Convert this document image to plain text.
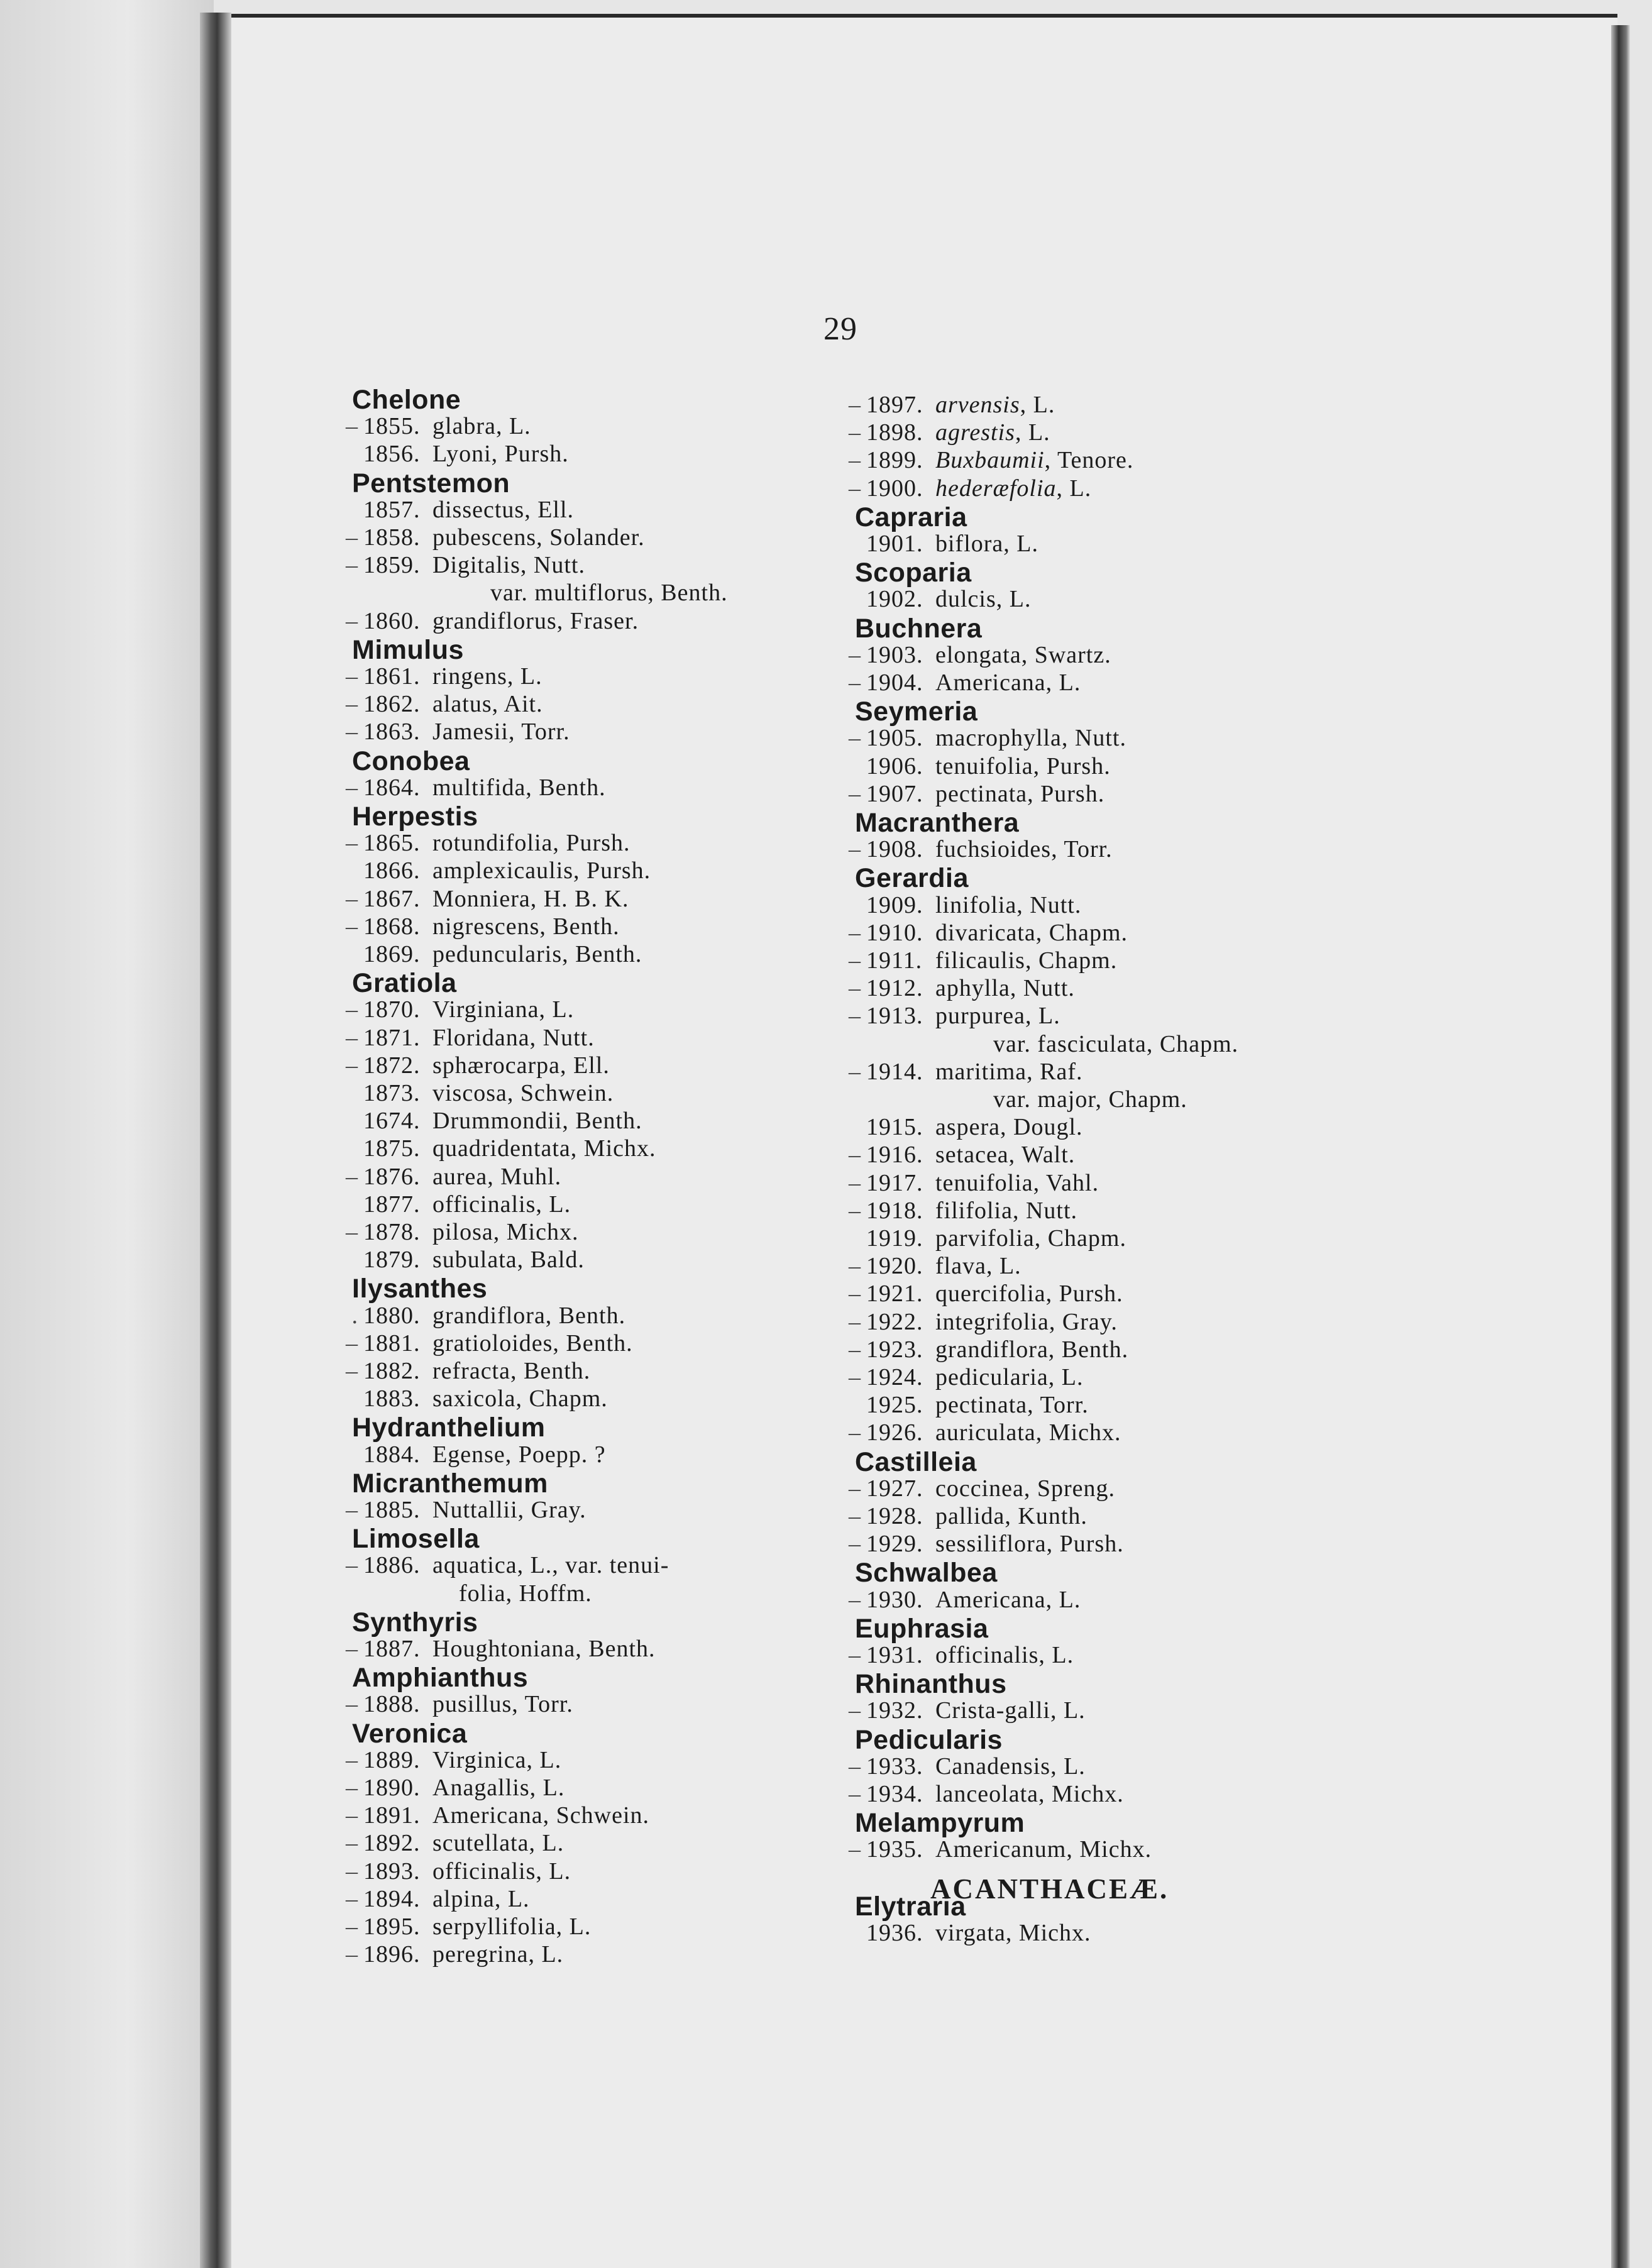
29
Chelone
– 1855. glabra, L.
1856. Lyoni, Pursh.
Pentstemon
1857. dissectus, Ell.
– 1858. pubescens, Solander.
– 1859. Digitalis, Nutt.
var. multiflorus, Benth.
– 1860. grandiflorus, Fraser.
Mimulus
– 1861. ringens, L.
– 1862. alatus, Ait.
– 1863. Jamesii, Torr.
Conobea
– 1864. multifida, Benth.
Herpestis
– 1865. rotundifolia, Pursh.
1866. amplexicaulis, Pursh.
– 1867. Monniera, H. B. K.
– 1868. nigrescens, Benth.
1869. peduncularis, Benth.
Gratiola
– 1870. Virginiana, L.
– 1871. Floridana, Nutt.
– 1872. sphærocarpa, Ell.
1873. viscosa, Schwein.
1674. Drummondii, Benth.
1875. quadridentata, Michx.
– 1876. aurea, Muhl.
1877. officinalis, L.
– 1878. pilosa, Michx.
1879. subulata, Bald.
Ilysanthes
. 1880. grandiflora, Benth.
– 1881. gratioloides, Benth.
– 1882. refracta, Benth.
1883. saxicola, Chapm.
Hydranthelium
1884. Egense, Poepp. ?
Micranthemum
– 1885. Nuttallii, Gray.
Limosella
– 1886. aquatica, L., var. tenui-
folia, Hoffm.
Synthyris
– 1887. Houghtoniana, Benth.
Amphianthus
– 1888. pusillus, Torr.
Veronica
– 1889. Virginica, L.
– 1890. Anagallis, L.
– 1891. Americana, Schwein.
– 1892. scutellata, L.
– 1893. officinalis, L.
– 1894. alpina, L.
– 1895. serpyllifolia, L.
– 1896. peregrina, L.
– 1897. arvensis, L.
– 1898. agrestis, L.
– 1899. Buxbaumii, Tenore.
– 1900. hederæfolia, L.
Capraria
1901. biflora, L.
Scoparia
1902. dulcis, L.
Buchnera
– 1903. elongata, Swartz.
– 1904. Americana, L.
Seymeria
– 1905. macrophylla, Nutt.
1906. tenuifolia, Pursh.
– 1907. pectinata, Pursh.
Macranthera
– 1908. fuchsioides, Torr.
Gerardia
1909. linifolia, Nutt.
– 1910. divaricata, Chapm.
– 1911. filicaulis, Chapm.
– 1912. aphylla, Nutt.
– 1913. purpurea, L.
var. fasciculata, Chapm.
– 1914. maritima, Raf.
var. major, Chapm.
1915. aspera, Dougl.
– 1916. setacea, Walt.
– 1917. tenuifolia, Vahl.
– 1918. filifolia, Nutt.
1919. parvifolia, Chapm.
– 1920. flava, L.
– 1921. quercifolia, Pursh.
– 1922. integrifolia, Gray.
– 1923. grandiflora, Benth.
– 1924. pedicularia, L.
1925. pectinata, Torr.
– 1926. auriculata, Michx.
Castilleia
– 1927. coccinea, Spreng.
– 1928. pallida, Kunth.
– 1929. sessiliflora, Pursh.
Schwalbea
– 1930. Americana, L.
Euphrasia
– 1931. officinalis, L.
Rhinanthus
– 1932. Crista-galli, L.
Pedicularis
– 1933. Canadensis, L.
– 1934. lanceolata, Michx.
Melampyrum
– 1935. Americanum, Michx.
ACANTHACEÆ.
Elytraria
1936. virgata, Michx.
